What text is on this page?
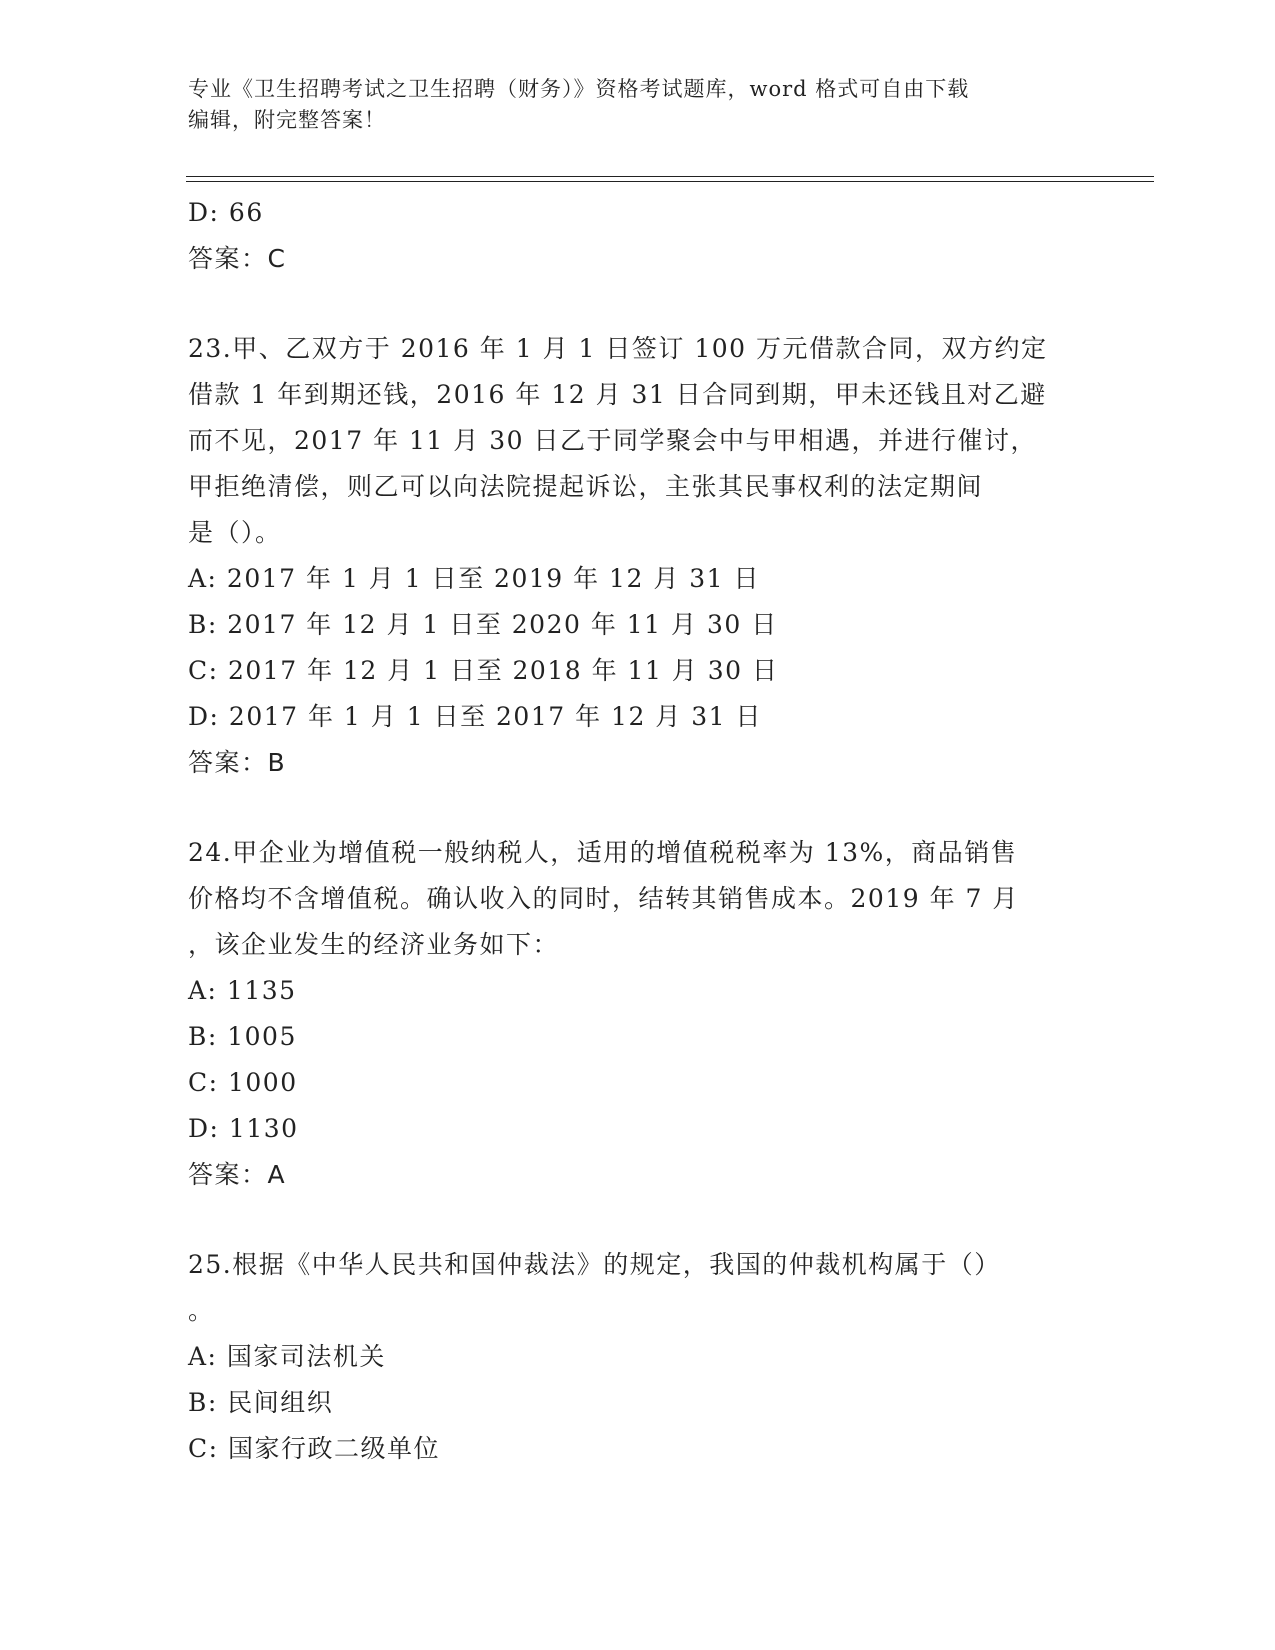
专业《卫生招聘考试之卫生招聘（财务）》资格考试题库，word 格式可自由下载
编辑，附完整答案！
D: 66
答案：C
23.甲、乙双方于 2016 年 1 月 1 日签订 100 万元借款合同，双方约定
借款 1 年到期还钱，2016 年 12 月 31 日合同到期，甲未还钱且对乙避
而不见，2017 年 11 月 30 日乙于同学聚会中与甲相遇，并进行催讨，
甲拒绝清偿，则乙可以向法院提起诉讼，主张其民事权利的法定期间
是（）。
A: 2017 年 1 月 1 日至 2019 年 12 月 31 日
B: 2017 年 12 月 1 日至 2020 年 11 月 30 日
C: 2017 年 12 月 1 日至 2018 年 11 月 30 日
D: 2017 年 1 月 1 日至 2017 年 12 月 31 日
答案：B
24.甲企业为增值税一般纳税人，适用的增值税税率为 13%，商品销售
价格均不含增值税。确认收入的同时，结转其销售成本。2019 年 7 月
，该企业发生的经济业务如下：
A: 1135
B: 1005
C: 1000
D: 1130
答案：A
25.根据《中华人民共和国仲裁法》的规定，我国的仲裁机构属于（）
。
A: 国家司法机关
B: 民间组织
C: 国家行政二级单位
